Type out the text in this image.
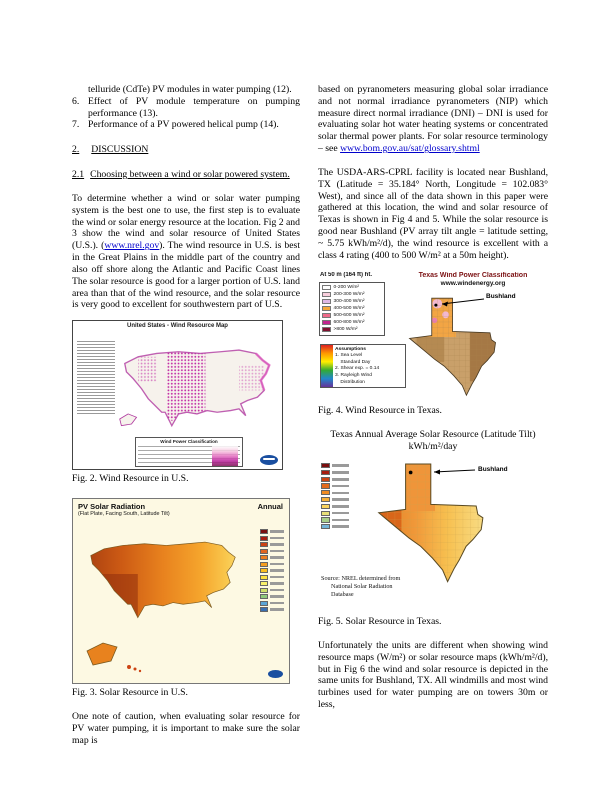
telluride (CdTe) PV modules in water pumping (12).
6. Effect of PV module temperature on pumping performance (13).
7. Performance of a PV powered helical pump (14).
2. DISCUSSION
2.1 Choosing between a wind or solar powered system.

To determine whether a wind or solar water pumping system is the best one to use, the first step is to evaluate the wind or solar energy resource at the location. Fig 2 and 3 show the wind and solar resource of United States (U.S.). (www.nrel.gov). The wind resource in U.S. is best in the Great Plains in the middle part of the country and also off shore along the Atlantic and Pacific Coast lines The solar resource is good for a larger portion of U.S. land area than that of the wind resource, and the solar resource is very good to excellent for southwestern part of U.S.

United States - Wind Resource Map
Wind Power Classification
Fig. 2. Wind Resource in U.S.
PV Solar Radiation
(Flat Plate, Facing South, Latitude Tilt)
Annual
Fig. 3. Solar Resource in U.S.

One note of caution, when evaluating solar resource for PV water pumping, it is important to make sure the solar map is

based on pyranometers measuring global solar irradiance and not normal irradiance pyranometers (NIP) which measure direct normal irradiance (DNI) – DNI is used for evaluating solar hot water heating systems or concentrated solar thermal power plants. For solar resource terminology – see www.bom.gov.au/sat/glossary.shtml

The USDA-ARS-CPRL facility is located near Bushland, TX (Latitude = 35.184° North, Longitude = 102.083° West), and since all of the data shown in this paper were gathered at this location, the wind and solar resource of Texas is shown in Fig 4 and 5. While the solar resource is good near Bushland (PV array tilt angle = latitude setting, ~ 5.75 kWh/m²/d), the wind resource is excellent with a class 4 rating (400 to 500 W/m² at a 50m height).

At 50 m (164 ft) ht.
0-200 W/m²
200-300 W/m²
300-400 W/m²
400-500 W/m²
500-600 W/m²
600-800 W/m²
>800 W/m²
Texas Wind Power Classification
www.windenergy.org
Bushland
Assumptions
1. Sea Level
Standard Day
2. Shear exp. = 0.14
3. Rayleigh Wind
Distribution
Fig. 4. Wind Resource in Texas.
Texas Annual Average Solar Resource (Latitude Tilt)
kWh/m²/day
Bushland
Source: NREL determined from
National Solar Radiation
Database
Fig. 5. Solar Resource in Texas.

Unfortunately the units are different when showing wind resource maps (W/m²) or solar resource maps (kWh/m²/d), but in Fig 6 the wind and solar resource is depicted in the same units for Bushland, TX. All windmills and most wind turbines used for water pumping are on towers 30m or less,
